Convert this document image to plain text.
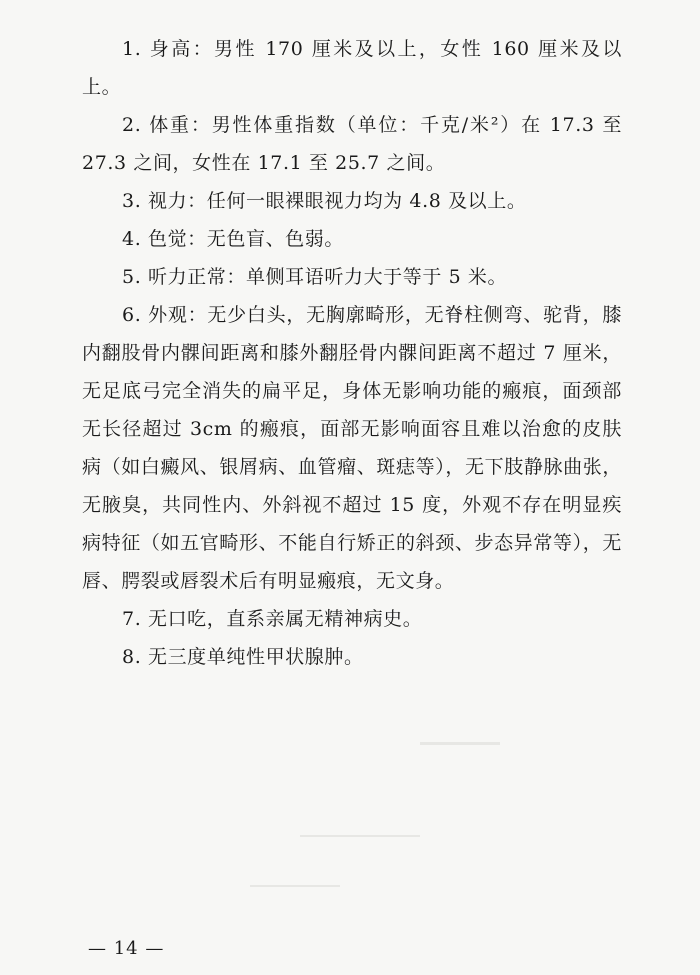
1. 身高：男性 170 厘米及以上，女性 160 厘米及以上。

2. 体重：男性体重指数（单位：千克/米²）在 17.3 至 27.3 之间，女性在 17.1 至 25.7 之间。

3. 视力：任何一眼裸眼视力均为 4.8 及以上。

4. 色觉：无色盲、色弱。

5. 听力正常：单侧耳语听力大于等于 5 米。

6. 外观：无少白头，无胸廓畸形，无脊柱侧弯、驼背，膝内翻股骨内髁间距离和膝外翻胫骨内髁间距离不超过 7 厘米，无足底弓完全消失的扁平足，身体无影响功能的瘢痕，面颈部无长径超过 3cm 的瘢痕，面部无影响面容且难以治愈的皮肤病（如白癜风、银屑病、血管瘤、斑痣等），无下肢静脉曲张，无腋臭，共同性内、外斜视不超过 15 度，外观不存在明显疾病特征（如五官畸形、不能自行矫正的斜颈、步态异常等），无唇、腭裂或唇裂术后有明显瘢痕，无文身。

7. 无口吃，直系亲属无精神病史。

8. 无三度单纯性甲状腺肿。

— 14 —
